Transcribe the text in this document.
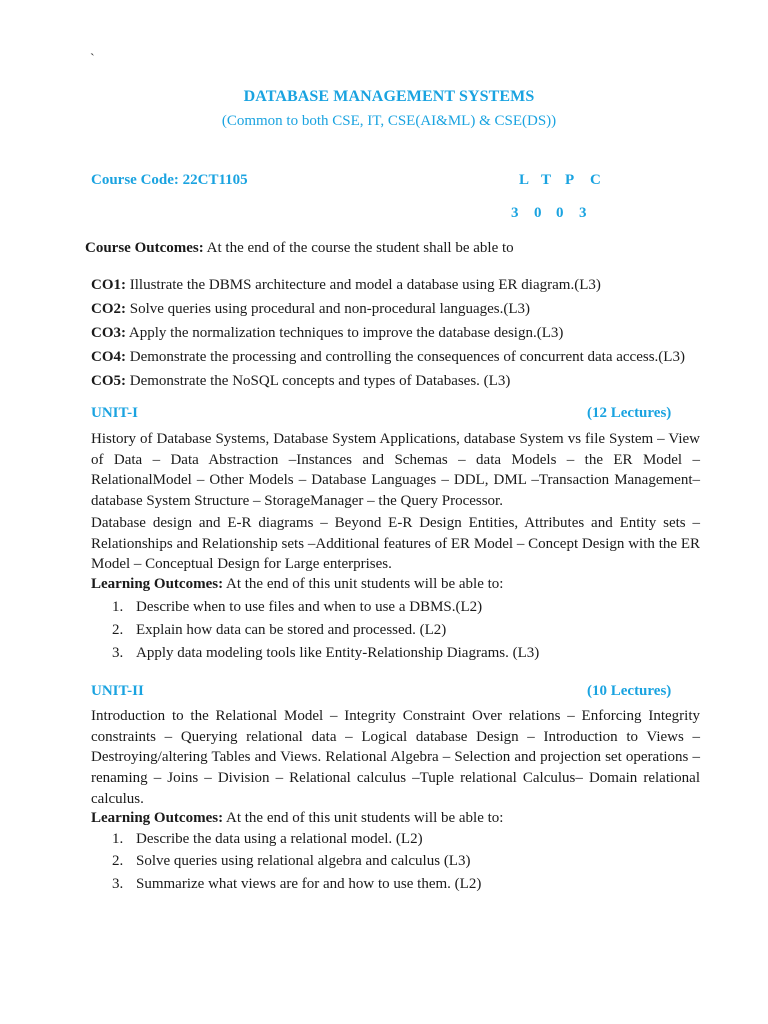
`
DATABASE MANAGEMENT SYSTEMS
(Common to both CSE, IT, CSE(AI&ML) & CSE(DS))
Course Code: 22CT1105	L T P C
3 0 0 3
Course Outcomes: At the end of the course the student shall be able to
CO1: Illustrate the DBMS architecture and model a database using ER diagram.(L3)
CO2: Solve queries using procedural and non-procedural languages.(L3)
CO3: Apply the normalization techniques to improve the database design.(L3)
CO4: Demonstrate the processing and controlling the consequences of concurrent data access.(L3)
CO5: Demonstrate the NoSQL concepts and types of Databases. (L3)
UNIT-I	(12 Lectures)
History of Database Systems, Database System Applications, database System vs file System – View of Data – Data Abstraction –Instances and Schemas – data Models – the ER Model – RelationalModel – Other Models – Database Languages – DDL, DML –Transaction Management– database System Structure – StorageManager – the Query Processor.
Database design and E-R diagrams – Beyond E-R Design Entities, Attributes and Entity sets – Relationships and Relationship sets –Additional features of ER Model – Concept Design with the ER Model – Conceptual Design for Large enterprises.
Learning Outcomes: At the end of this unit students will be able to:
1. Describe when to use files and when to use a DBMS.(L2)
2. Explain how data can be stored and processed. (L2)
3. Apply data modeling tools like Entity-Relationship Diagrams. (L3)
UNIT-II	(10 Lectures)
Introduction to the Relational Model – Integrity Constraint Over relations – Enforcing Integrity constraints – Querying relational data – Logical database Design – Introduction to Views – Destroying/altering Tables and Views. Relational Algebra – Selection and projection set operations – renaming – Joins – Division – Relational calculus –Tuple relational Calculus– Domain relational calculus.
Learning Outcomes: At the end of this unit students will be able to:
1. Describe the data using a relational model. (L2)
2. Solve queries using relational algebra and calculus (L3)
3. Summarize what views are for and how to use them. (L2)
